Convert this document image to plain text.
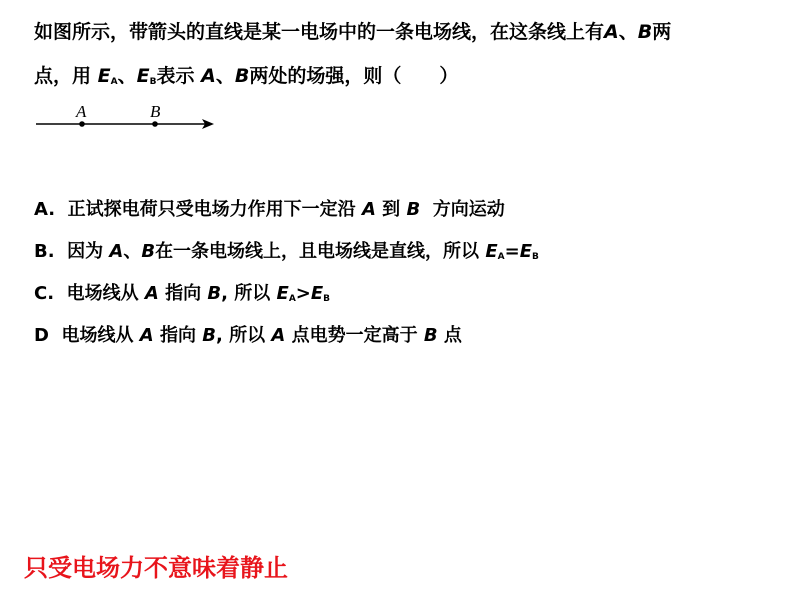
如图所示，带箭头的直线是某一电场中的一条电场线，在这条线上有A、B两
点，用 $E_A$、$E_B$表示 A、B两处的场强，则（　　）
A	B
A. 正试探电荷只受电场力作用下一定沿 A 到 B 方向运动
B. 因为 A、B在一条电场线上，且电场线是直线，所以 $E_A=E_B$
C. 电场线从 A 指向 B, 所以 $E_A>E_B$
D 电场线从 A 指向 B, 所以 A 点电势一定高于 B 点
只受电场力不意味着静止
